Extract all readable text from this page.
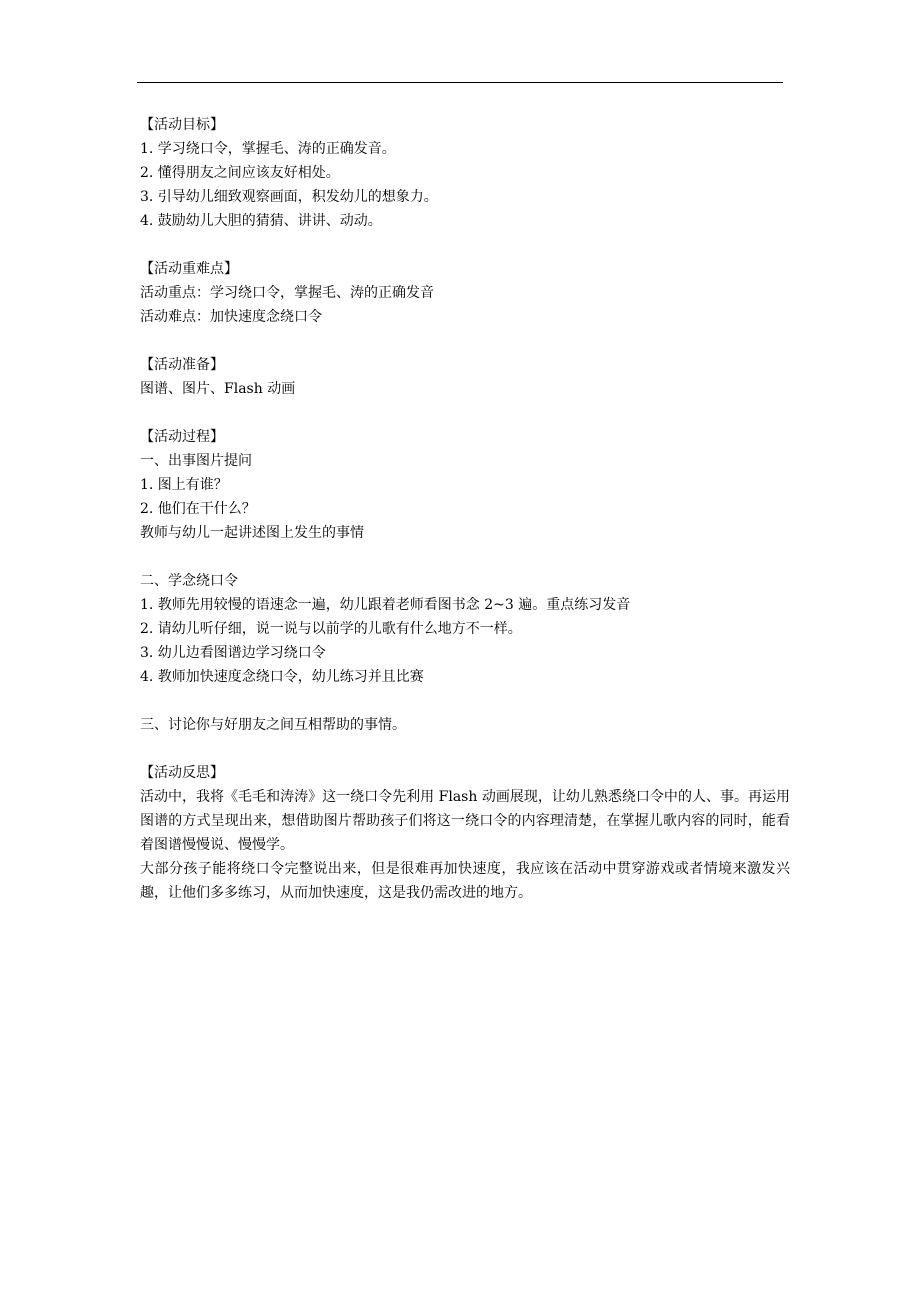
【活动目标】
1. 学习绕口令，掌握毛、涛的正确发音。
2. 懂得朋友之间应该友好相处。
3. 引导幼儿细致观察画面，积发幼儿的想象力。
4. 鼓励幼儿大胆的猜猜、讲讲、动动。
【活动重难点】
活动重点：学习绕口令，掌握毛、涛的正确发音
活动难点：加快速度念绕口令
【活动准备】
图谱、图片、Flash 动画
【活动过程】
一、出事图片提问
1. 图上有谁？
2. 他们在干什么？
教师与幼儿一起讲述图上发生的事情
二、学念绕口令
1. 教师先用较慢的语速念一遍，幼儿跟着老师看图书念 2~3 遍。重点练习发音
2. 请幼儿听仔细，说一说与以前学的儿歌有什么地方不一样。
3. 幼儿边看图谱边学习绕口令
4. 教师加快速度念绕口令，幼儿练习并且比赛
三、讨论你与好朋友之间互相帮助的事情。
【活动反思】
活动中，我将《毛毛和涛涛》这一绕口令先利用 Flash 动画展现，让幼儿熟悉绕口令中的人、事。再运用图谱的方式呈现出来，想借助图片帮助孩子们将这一绕口令的内容理清楚，在掌握儿歌内容的同时，能看着图谱慢慢说、慢慢学。
大部分孩子能将绕口令完整说出来，但是很难再加快速度，我应该在活动中贯穿游戏或者情境来激发兴趣，让他们多多练习，从而加快速度，这是我仍需改进的地方。
